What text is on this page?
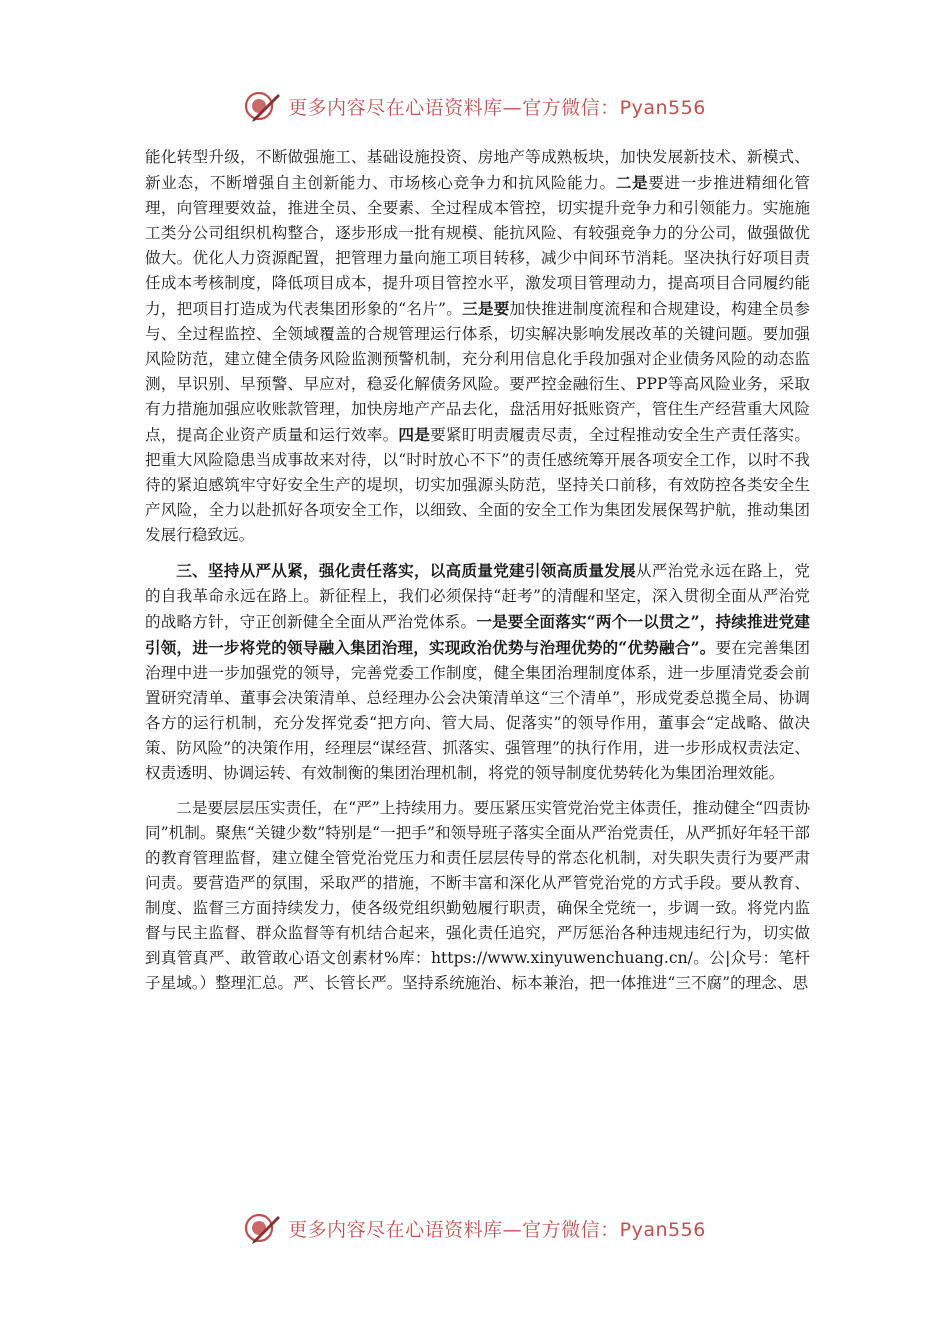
更多内容尽在心语资料库—官方微信：Pyan556

能化转型升级，不断做强施工、基础设施投资、房地产等成熟板块，加快发展新技术、新模式、新业态，不断增强自主创新能力、市场核心竞争力和抗风险能力。二是要进一步推进精细化管理，向管理要效益，推进全员、全要素、全过程成本管控，切实提升竞争力和引领能力。实施施工类分公司组织机构整合，逐步形成一批有规模、能抗风险、有较强竞争力的分公司，做强做优做大。优化人力资源配置，把管理力量向施工项目转移，减少中间环节消耗。坚决执行好项目责任成本考核制度，降低项目成本，提升项目管控水平，激发项目管理动力，提高项目合同履约能力，把项目打造成为代表集团形象的“名片”。三是要加快推进制度流程和合规建设，构建全员参与、全过程监控、全领域覆盖的合规管理运行体系，切实解决影响发展改革的关键问题。要加强风险防范，建立健全债务风险监测预警机制，充分利用信息化手段加强对企业债务风险的动态监测，早识别、早预警、早应对，稳妥化解债务风险。要严控金融衍生、PPP等高风险业务，采取有力措施加强应收账款管理，加快房地产产品去化，盘活用好抵账资产，管住生产经营重大风险点，提高企业资产质量和运行效率。四是要紧盯明责履责尽责，全过程推动安全生产责任落实。把重大风险隐患当成事故来对待，以“时时放心不下”的责任感统筹开展各项安全工作，以时不我待的紧迫感筑牢守好安全生产的堤坝，切实加强源头防范，坚持关口前移，有效防控各类安全生产风险，全力以赴抓好各项安全工作，以细致、全面的安全工作为集团发展保驾护航，推动集团发展行稳致远。

三、坚持从严从紧，强化责任落实，以高质量党建引领高质量发展从严治党永远在路上，党的自我革命永远在路上。新征程上，我们必须保持“赶考”的清醒和坚定，深入贯彻全面从严治党的战略方针，守正创新健全全面从严治党体系。一是要全面落实“两个一以贯之”，持续推进党建引领，进一步将党的领导融入集团治理，实现政治优势与治理优势的“优势融合”。要在完善集团治理中进一步加强党的领导，完善党委工作制度，健全集团治理制度体系，进一步厘清党委会前置研究清单、董事会决策清单、总经理办公会决策清单这“三个清单”，形成党委总揽全局、协调各方的运行机制，充分发挥党委“把方向、管大局、促落实”的领导作用，董事会“定战略、做决策、防风险”的决策作用，经理层“谋经营、抓落实、强管理”的执行作用，进一步形成权责法定、权责透明、协调运转、有效制衡的集团治理机制，将党的领导制度优势转化为集团治理效能。

二是要层层压实责任，在“严”上持续用力。要压紧压实管党治党主体责任，推动健全“四责协同”机制。聚焦“关键少数”特别是“一把手”和领导班子落实全面从严治党责任，从严抓好年轻干部的教育管理监督，建立健全管党治党压力和责任层层传导的常态化机制，对失职失责行为要严肃问责。要营造严的氛围，采取严的措施，不断丰富和深化从严管党治党的方式手段。要从教育、制度、监督三方面持续发力，使各级党组织勤勉履行职责，确保全党统一，步调一致。将党内监督与民主监督、群众监督等有机结合起来，强化责任追究，严厉惩治各种违规违纪行为，切实做到真管真严、敢管敢心语文创素材%库：https://www.xinyuwenchuang.cn/。公|众号：笔杆子星域。）整理汇总。严、长管长严。坚持系统施治、标本兼治，把一体推进“三不腐”的理念、思

更多内容尽在心语资料库—官方微信：Pyan556
